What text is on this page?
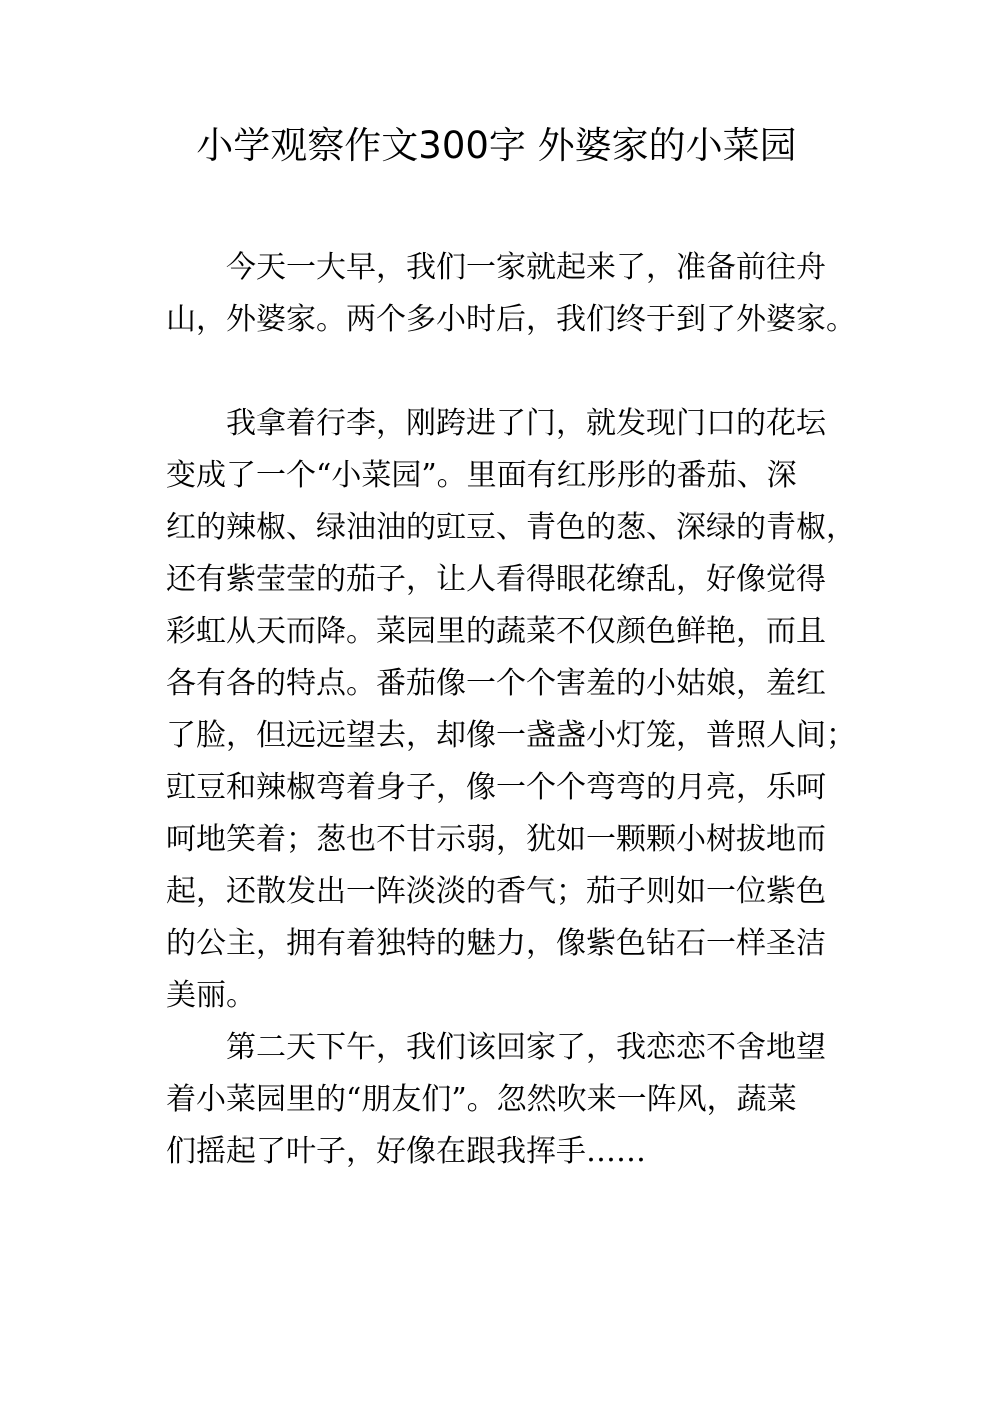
小学观察作文300字 外婆家的小菜园

今天一大早，我们一家就起来了，准备前往舟

山，外婆家。两个多小时后，我们终于到了外婆家。

我拿着行李，刚跨进了门，就发现门口的花坛

变成了一个“小菜园”。里面有红彤彤的番茄、深

红的辣椒、绿油油的豇豆、青色的葱、深绿的青椒，

还有紫莹莹的茄子，让人看得眼花缭乱，好像觉得

彩虹从天而降。菜园里的蔬菜不仅颜色鲜艳，而且

各有各的特点。番茄像一个个害羞的小姑娘，羞红

了脸，但远远望去，却像一盏盏小灯笼，普照人间；

豇豆和辣椒弯着身子，像一个个弯弯的月亮，乐呵

呵地笑着；葱也不甘示弱，犹如一颗颗小树拔地而

起，还散发出一阵淡淡的香气；茄子则如一位紫色

的公主，拥有着独特的魅力，像紫色钻石一样圣洁

美丽。

第二天下午，我们该回家了，我恋恋不舍地望

着小菜园里的“朋友们”。忽然吹来一阵风，蔬菜

们摇起了叶子，好像在跟我挥手……
